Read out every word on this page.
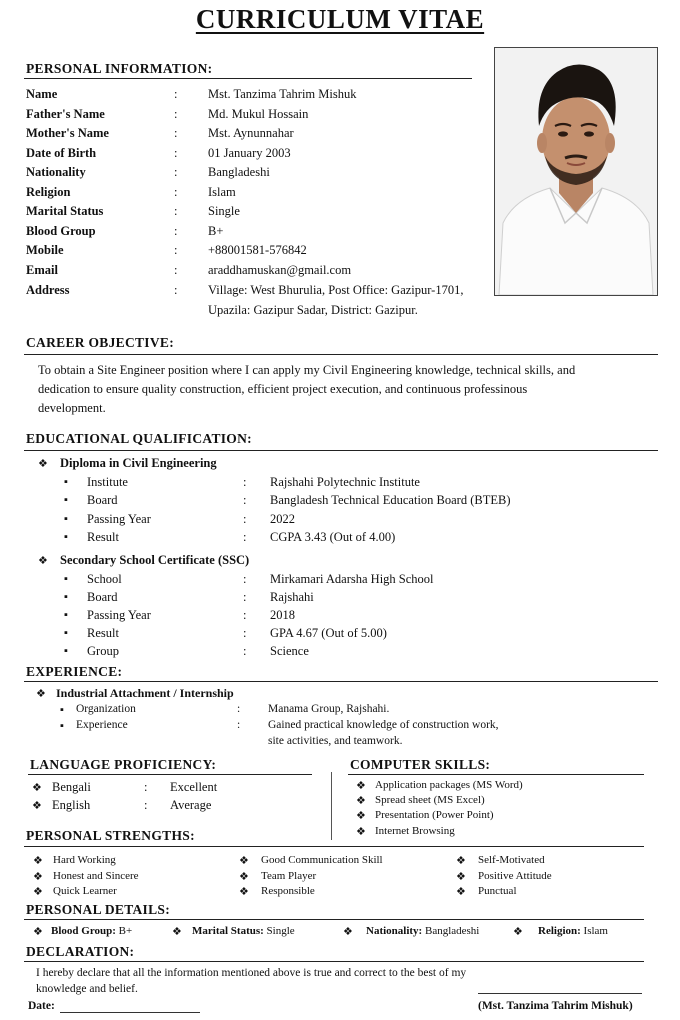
CURRICULUM VITAE
PERSONAL INFORMATION:
Name	: Mst. Tanzima Tahrim Mishuk
Father's Name	: Md. Mukul Hossain
Mother's Name	: Mst. Aynunnahar
Date of Birth	: 01 January 2003
Nationality	: Bangladeshi
Religion	: Islam
Marital Status	: Single
Blood Group	: B+
Mobile	: +88001581-576842
Email	: araddhamuskan@gmail.com
Address	: Village: West Bhurulia, Post Office: Gazipur-1701,
Upazila: Gazipur Sadar, District: Gazipur.
CAREER OBJECTIVE:
To obtain a Site Engineer position where I can apply my Civil Engineering knowledge, technical skills, and dedication to ensure quality construction, efficient project execution, and continuous professinous development.
EDUCATIONAL QUALIFICATION:
❖ Diploma in Civil Engineering
▪ Institute	: Rajshahi Polytechnic Institute
▪ Board	: Bangladesh Technical Education Board (BTEB)
▪ Passing Year	: 2022
▪ Result	: CGPA 3.43 (Out of 4.00)
❖ Secondary School Certificate (SSC)
▪ School	: Mirkamari Adarsha High School
▪ Board	: Rajshahi
▪ Passing Year	: 2018
▪ Result	: GPA 4.67 (Out of 5.00)
▪ Group	: Science
EXPERIENCE:
❖ Industrial Attachment / Internship
▪ Organization	: Manama Group, Rajshahi.
▪ Experience	: Gained practical knowledge of construction work,
site activities, and teamwork.
LANGUAGE PROFICIENCY:
❖ Bengali	: Excellent
❖ English	: Average
COMPUTER SKILLS:
❖ Application packages (MS Word)
❖ Spread sheet (MS Excel)
❖ Presentation (Power Point)
❖ Internet Browsing
PERSONAL STRENGTHS:
❖ Hard Working
❖ Honest and Sincere
❖ Quick Learner
❖ Good Communication Skill
❖ Team Player
❖ Responsible
❖ Self-Motivated
❖ Positive Attitude
❖ Punctual
PERSONAL DETAILS:
❖ Blood Group: B+	❖ Marital Status: Single	❖ Nationality: Bangladeshi	❖ Religion: Islam
DECLARATION:
I hereby declare that all the information mentioned above is true and correct to the best of my knowledge and belief.
Date:	(Mst. Tanzima Tahrim Mishuk)
